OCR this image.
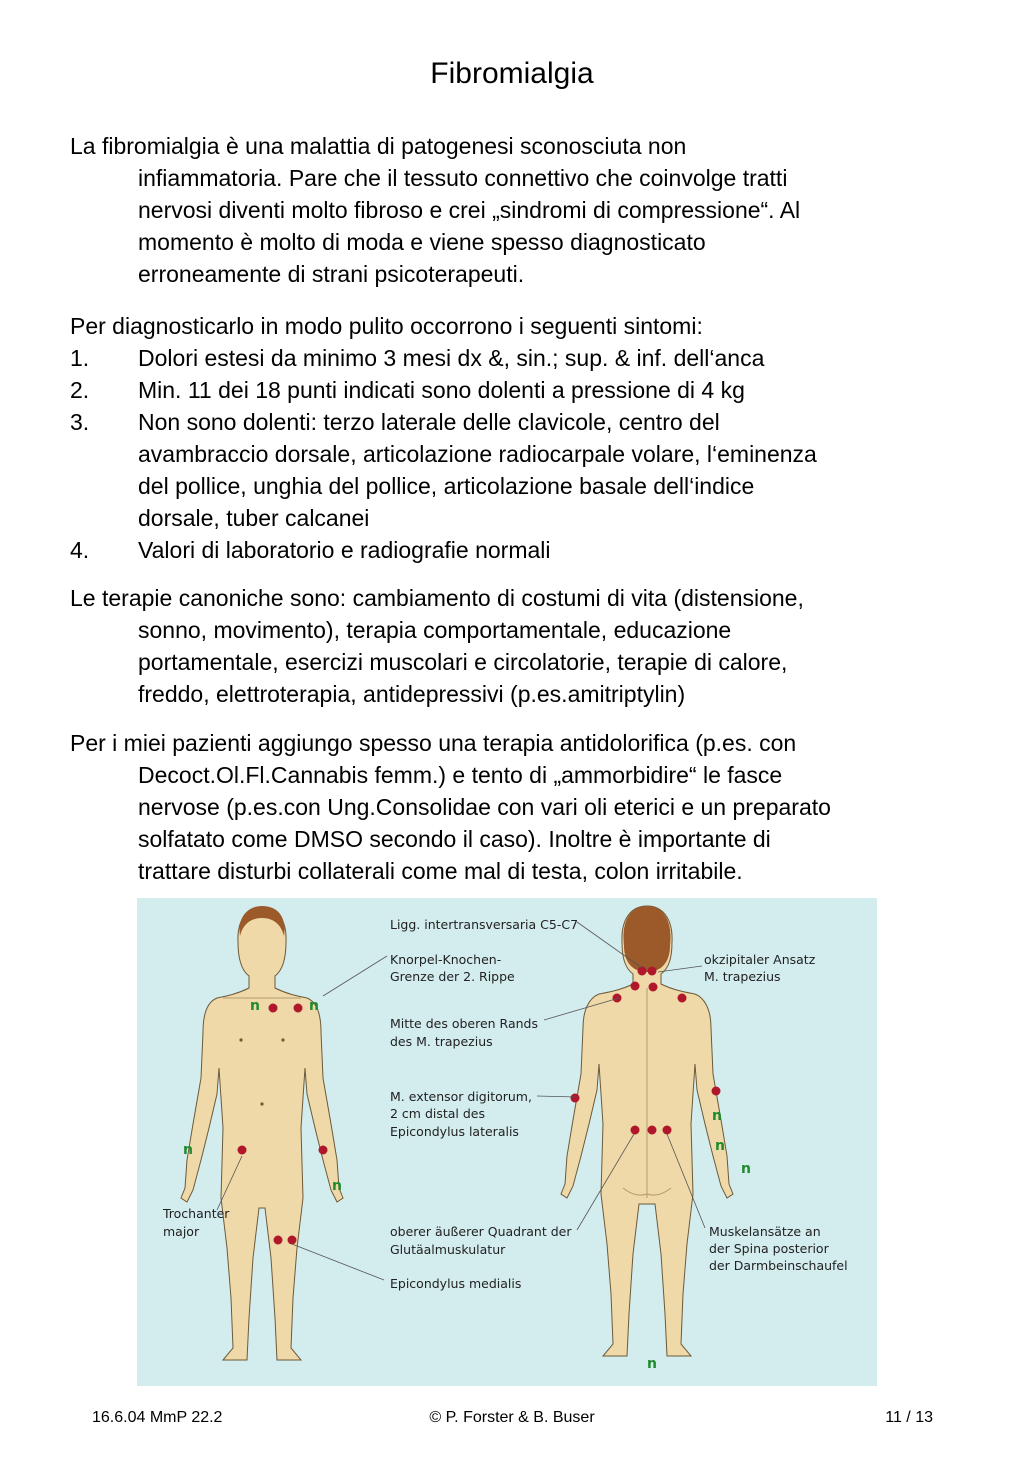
Fibromialgia
La fibromialgia è una malattia di patogenesi sconosciuta non
infiammatoria. Pare che il tessuto connettivo che coinvolge tratti
nervosi diventi molto fibroso e crei „sindromi di compressione“. Al
momento è molto di moda e viene spesso diagnosticato
erroneamente di strani psicoterapeuti.
Per diagnosticarlo in modo pulito occorrono i seguenti sintomi:
1. Dolori estesi da minimo 3 mesi dx &, sin.; sup. & inf. dell‘anca
2. Min. 11 dei 18 punti indicati sono dolenti a pressione di 4 kg
3. Non sono dolenti: terzo laterale delle clavicole, centro del
avambraccio dorsale, articolazione radiocarpale volare, l‘eminenza
del pollice, unghia del pollice, articolazione basale dell‘indice
dorsale, tuber calcanei
4. Valori di laboratorio e radiografie normali
Le terapie canoniche sono: cambiamento di costumi di vita (distensione,
sonno, movimento), terapia comportamentale, educazione
portamentale, esercizi muscolari e circolatorie, terapie di calore,
freddo, elettroterapia, antidepressivi (p.es.amitriptylin)
Per i miei pazienti aggiungo spesso una terapia antidolorifica (p.es. con
Decoct.Ol.Fl.Cannabis femm.) e tento di „ammorbidire“ le fasce
nervose (p.es.con Ung.Consolidae con vari oli eterici e un preparato
solfatato come DMSO secondo il caso). Inoltre è importante di
trattare disturbi collaterali come mal di testa, colon irritabile.
n	n
n
n
n
n
n
n
Ligg. intertransversaria C5-C7
Knorpel-Knochen-
Grenze der 2. Rippe
okzipitaler Ansatz
M. trapezius
Mitte des oberen Rands
des M. trapezius
M. extensor digitorum,
2 cm distal des
Epicondylus lateralis
Trochanter
major	oberer äußerer Quadrant der
Glutäalmuskulatur
Muskelansätze an
der Spina posterior
der Darmbeinschaufel
Epicondylus medialis
16.6.04 MmP 22.2	© P. Forster & B. Buser	11 / 13
